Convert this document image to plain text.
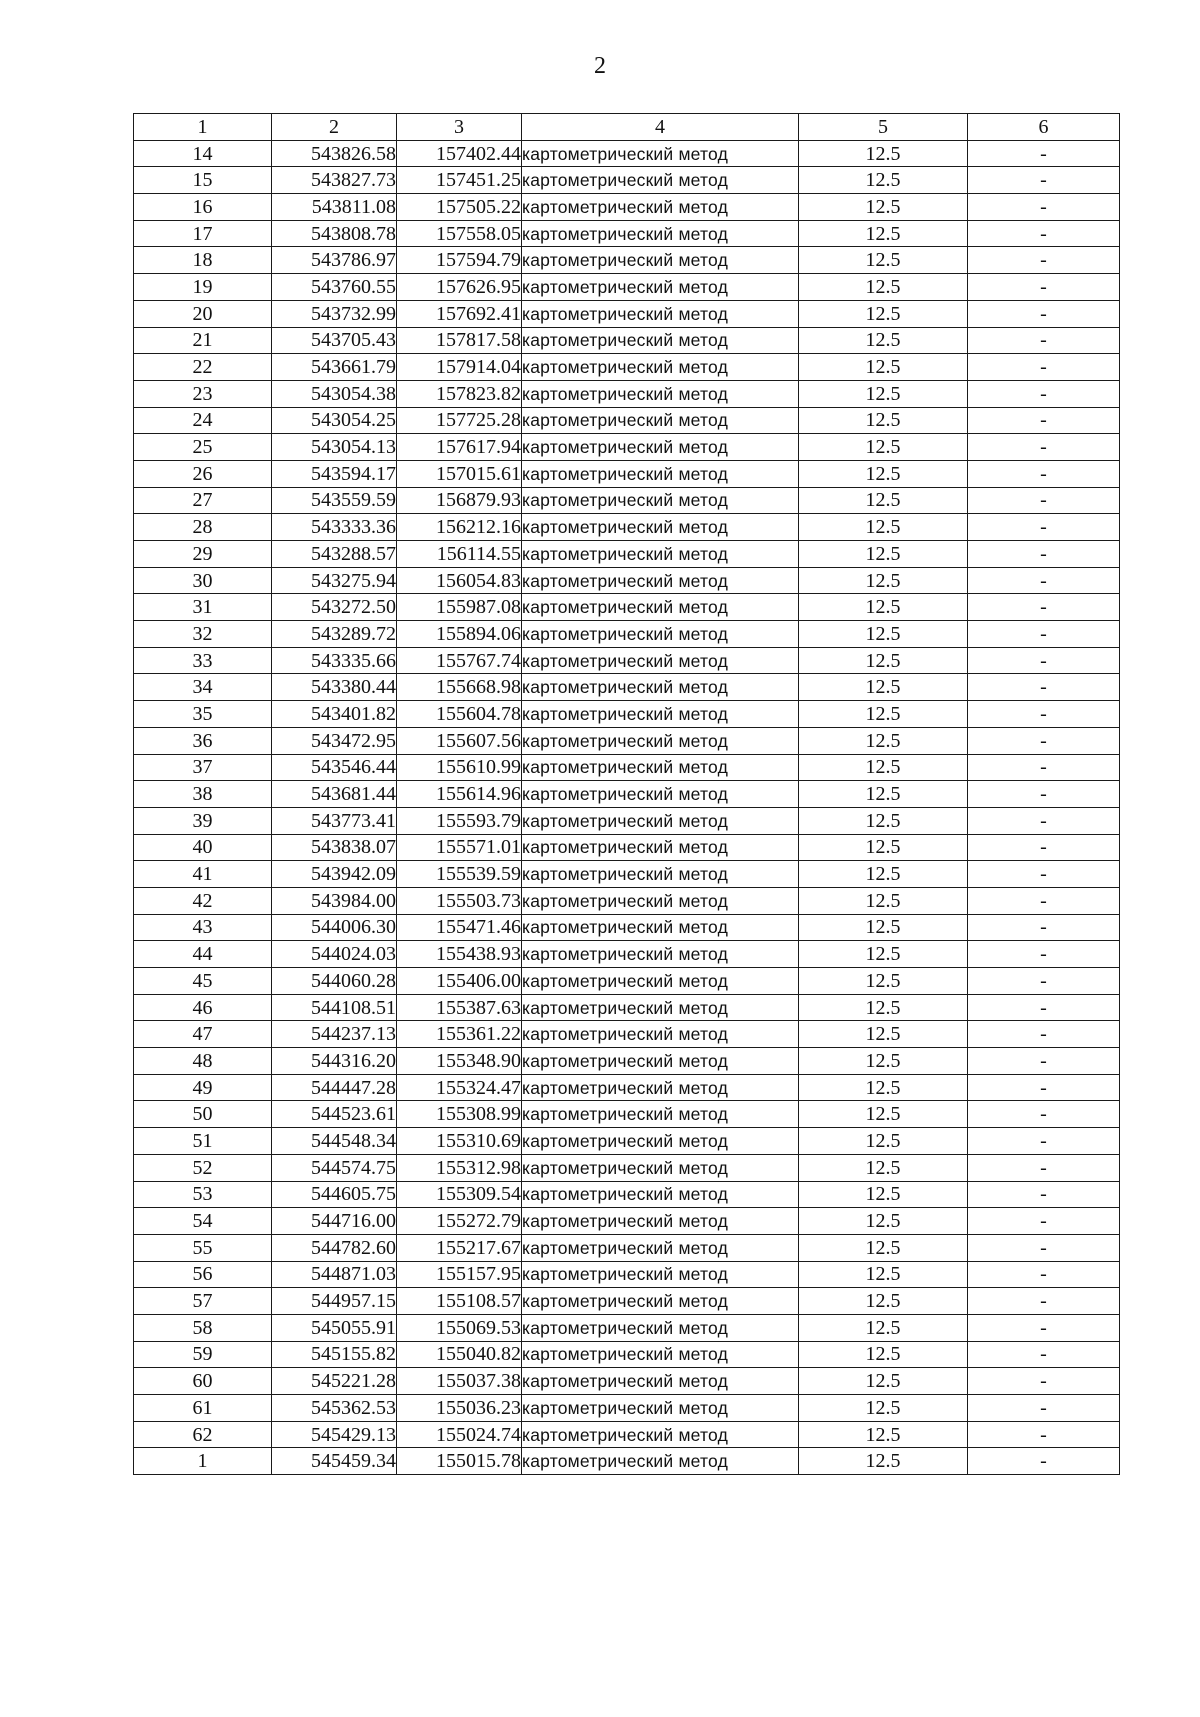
2
1	2	3	4	5	6
14	543826.58	157402.44	картометрический метод	12.5	-
15	543827.73	157451.25	картометрический метод	12.5	-
16	543811.08	157505.22	картометрический метод	12.5	-
17	543808.78	157558.05	картометрический метод	12.5	-
18	543786.97	157594.79	картометрический метод	12.5	-
19	543760.55	157626.95	картометрический метод	12.5	-
20	543732.99	157692.41	картометрический метод	12.5	-
21	543705.43	157817.58	картометрический метод	12.5	-
22	543661.79	157914.04	картометрический метод	12.5	-
23	543054.38	157823.82	картометрический метод	12.5	-
24	543054.25	157725.28	картометрический метод	12.5	-
25	543054.13	157617.94	картометрический метод	12.5	-
26	543594.17	157015.61	картометрический метод	12.5	-
27	543559.59	156879.93	картометрический метод	12.5	-
28	543333.36	156212.16	картометрический метод	12.5	-
29	543288.57	156114.55	картометрический метод	12.5	-
30	543275.94	156054.83	картометрический метод	12.5	-
31	543272.50	155987.08	картометрический метод	12.5	-
32	543289.72	155894.06	картометрический метод	12.5	-
33	543335.66	155767.74	картометрический метод	12.5	-
34	543380.44	155668.98	картометрический метод	12.5	-
35	543401.82	155604.78	картометрический метод	12.5	-
36	543472.95	155607.56	картометрический метод	12.5	-
37	543546.44	155610.99	картометрический метод	12.5	-
38	543681.44	155614.96	картометрический метод	12.5	-
39	543773.41	155593.79	картометрический метод	12.5	-
40	543838.07	155571.01	картометрический метод	12.5	-
41	543942.09	155539.59	картометрический метод	12.5	-
42	543984.00	155503.73	картометрический метод	12.5	-
43	544006.30	155471.46	картометрический метод	12.5	-
44	544024.03	155438.93	картометрический метод	12.5	-
45	544060.28	155406.00	картометрический метод	12.5	-
46	544108.51	155387.63	картометрический метод	12.5	-
47	544237.13	155361.22	картометрический метод	12.5	-
48	544316.20	155348.90	картометрический метод	12.5	-
49	544447.28	155324.47	картометрический метод	12.5	-
50	544523.61	155308.99	картометрический метод	12.5	-
51	544548.34	155310.69	картометрический метод	12.5	-
52	544574.75	155312.98	картометрический метод	12.5	-
53	544605.75	155309.54	картометрический метод	12.5	-
54	544716.00	155272.79	картометрический метод	12.5	-
55	544782.60	155217.67	картометрический метод	12.5	-
56	544871.03	155157.95	картометрический метод	12.5	-
57	544957.15	155108.57	картометрический метод	12.5	-
58	545055.91	155069.53	картометрический метод	12.5	-
59	545155.82	155040.82	картометрический метод	12.5	-
60	545221.28	155037.38	картометрический метод	12.5	-
61	545362.53	155036.23	картометрический метод	12.5	-
62	545429.13	155024.74	картометрический метод	12.5	-
1	545459.34	155015.78	картометрический метод	12.5	-
